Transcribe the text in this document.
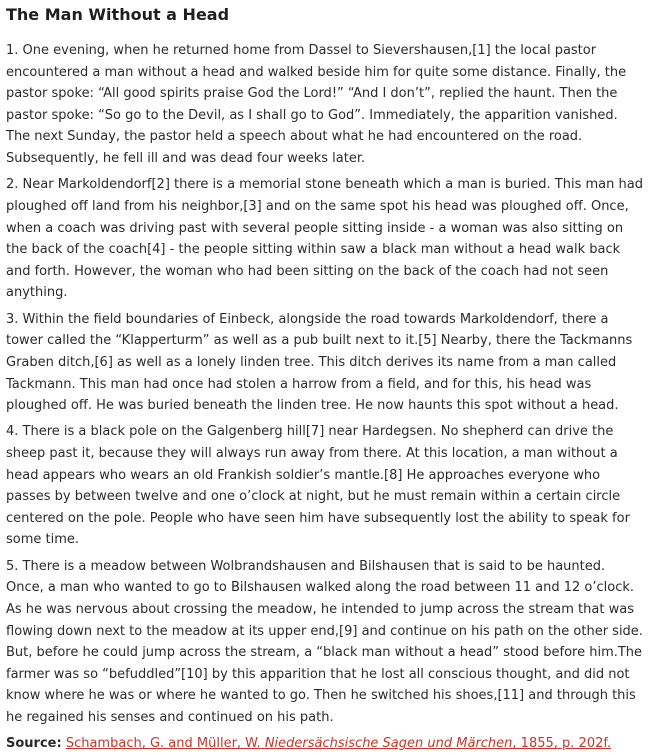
The Man Without a Head

1. One evening, when he returned home from Dassel to Sievershausen,[1] the local pastor encountered a man without a head and walked beside him for quite some distance. Finally, the pastor spoke: “All good spirits praise God the Lord!” “And I don’t”, replied the haunt. Then the pastor spoke: “So go to the Devil, as I shall go to God”. Immediately, the apparition vanished. The next Sunday, the pastor held a speech about what he had encountered on the road. Subsequently, he fell ill and was dead four weeks later.

2. Near Markoldendorf[2] there is a memorial stone beneath which a man is buried. This man had ploughed off land from his neighbor,[3] and on the same spot his head was ploughed off. Once, when a coach was driving past with several people sitting inside - a woman was also sitting on the back of the coach[4] - the people sitting within saw a black man without a head walk back and forth. However, the woman who had been sitting on the back of the coach had not seen anything.

3. Within the field boundaries of Einbeck, alongside the road towards Markoldendorf, there a tower called the “Klapperturm” as well as a pub built next to it.[5] Nearby, there the Tackmanns Graben ditch,[6] as well as a lonely linden tree. This ditch derives its name from a man called Tackmann. This man had once had stolen a harrow from a field, and for this, his head was ploughed off. He was buried beneath the linden tree. He now haunts this spot without a head.

4. There is a black pole on the Galgenberg hill[7] near Hardegsen. No shepherd can drive the sheep past it, because they will always run away from there. At this location, a man without a head appears who wears an old Frankish soldier’s mantle.[8] He approaches everyone who passes by between twelve and one o’clock at night, but he must remain within a certain circle centered on the pole. People who have seen him have subsequently lost the ability to speak for some time.

5. There is a meadow between Wolbrandshausen and Bilshausen that is said to be haunted. Once, a man who wanted to go to Bilshausen walked along the road between 11 and 12 o’clock. As he was nervous about crossing the meadow, he intended to jump across the stream that was flowing down next to the meadow at its upper end,[9] and continue on his path on the other side. But, before he could jump across the stream, a “black man without a head” stood before him.The farmer was so “befuddled”[10] by this apparition that he lost all conscious thought, and did not know where he was or where he wanted to go. Then he switched his shoes,[11] and through this he regained his senses and continued on his path.

Source: Schambach, G. and Müller, W. Niedersächsische Sagen und Märchen, 1855, p. 202f.
